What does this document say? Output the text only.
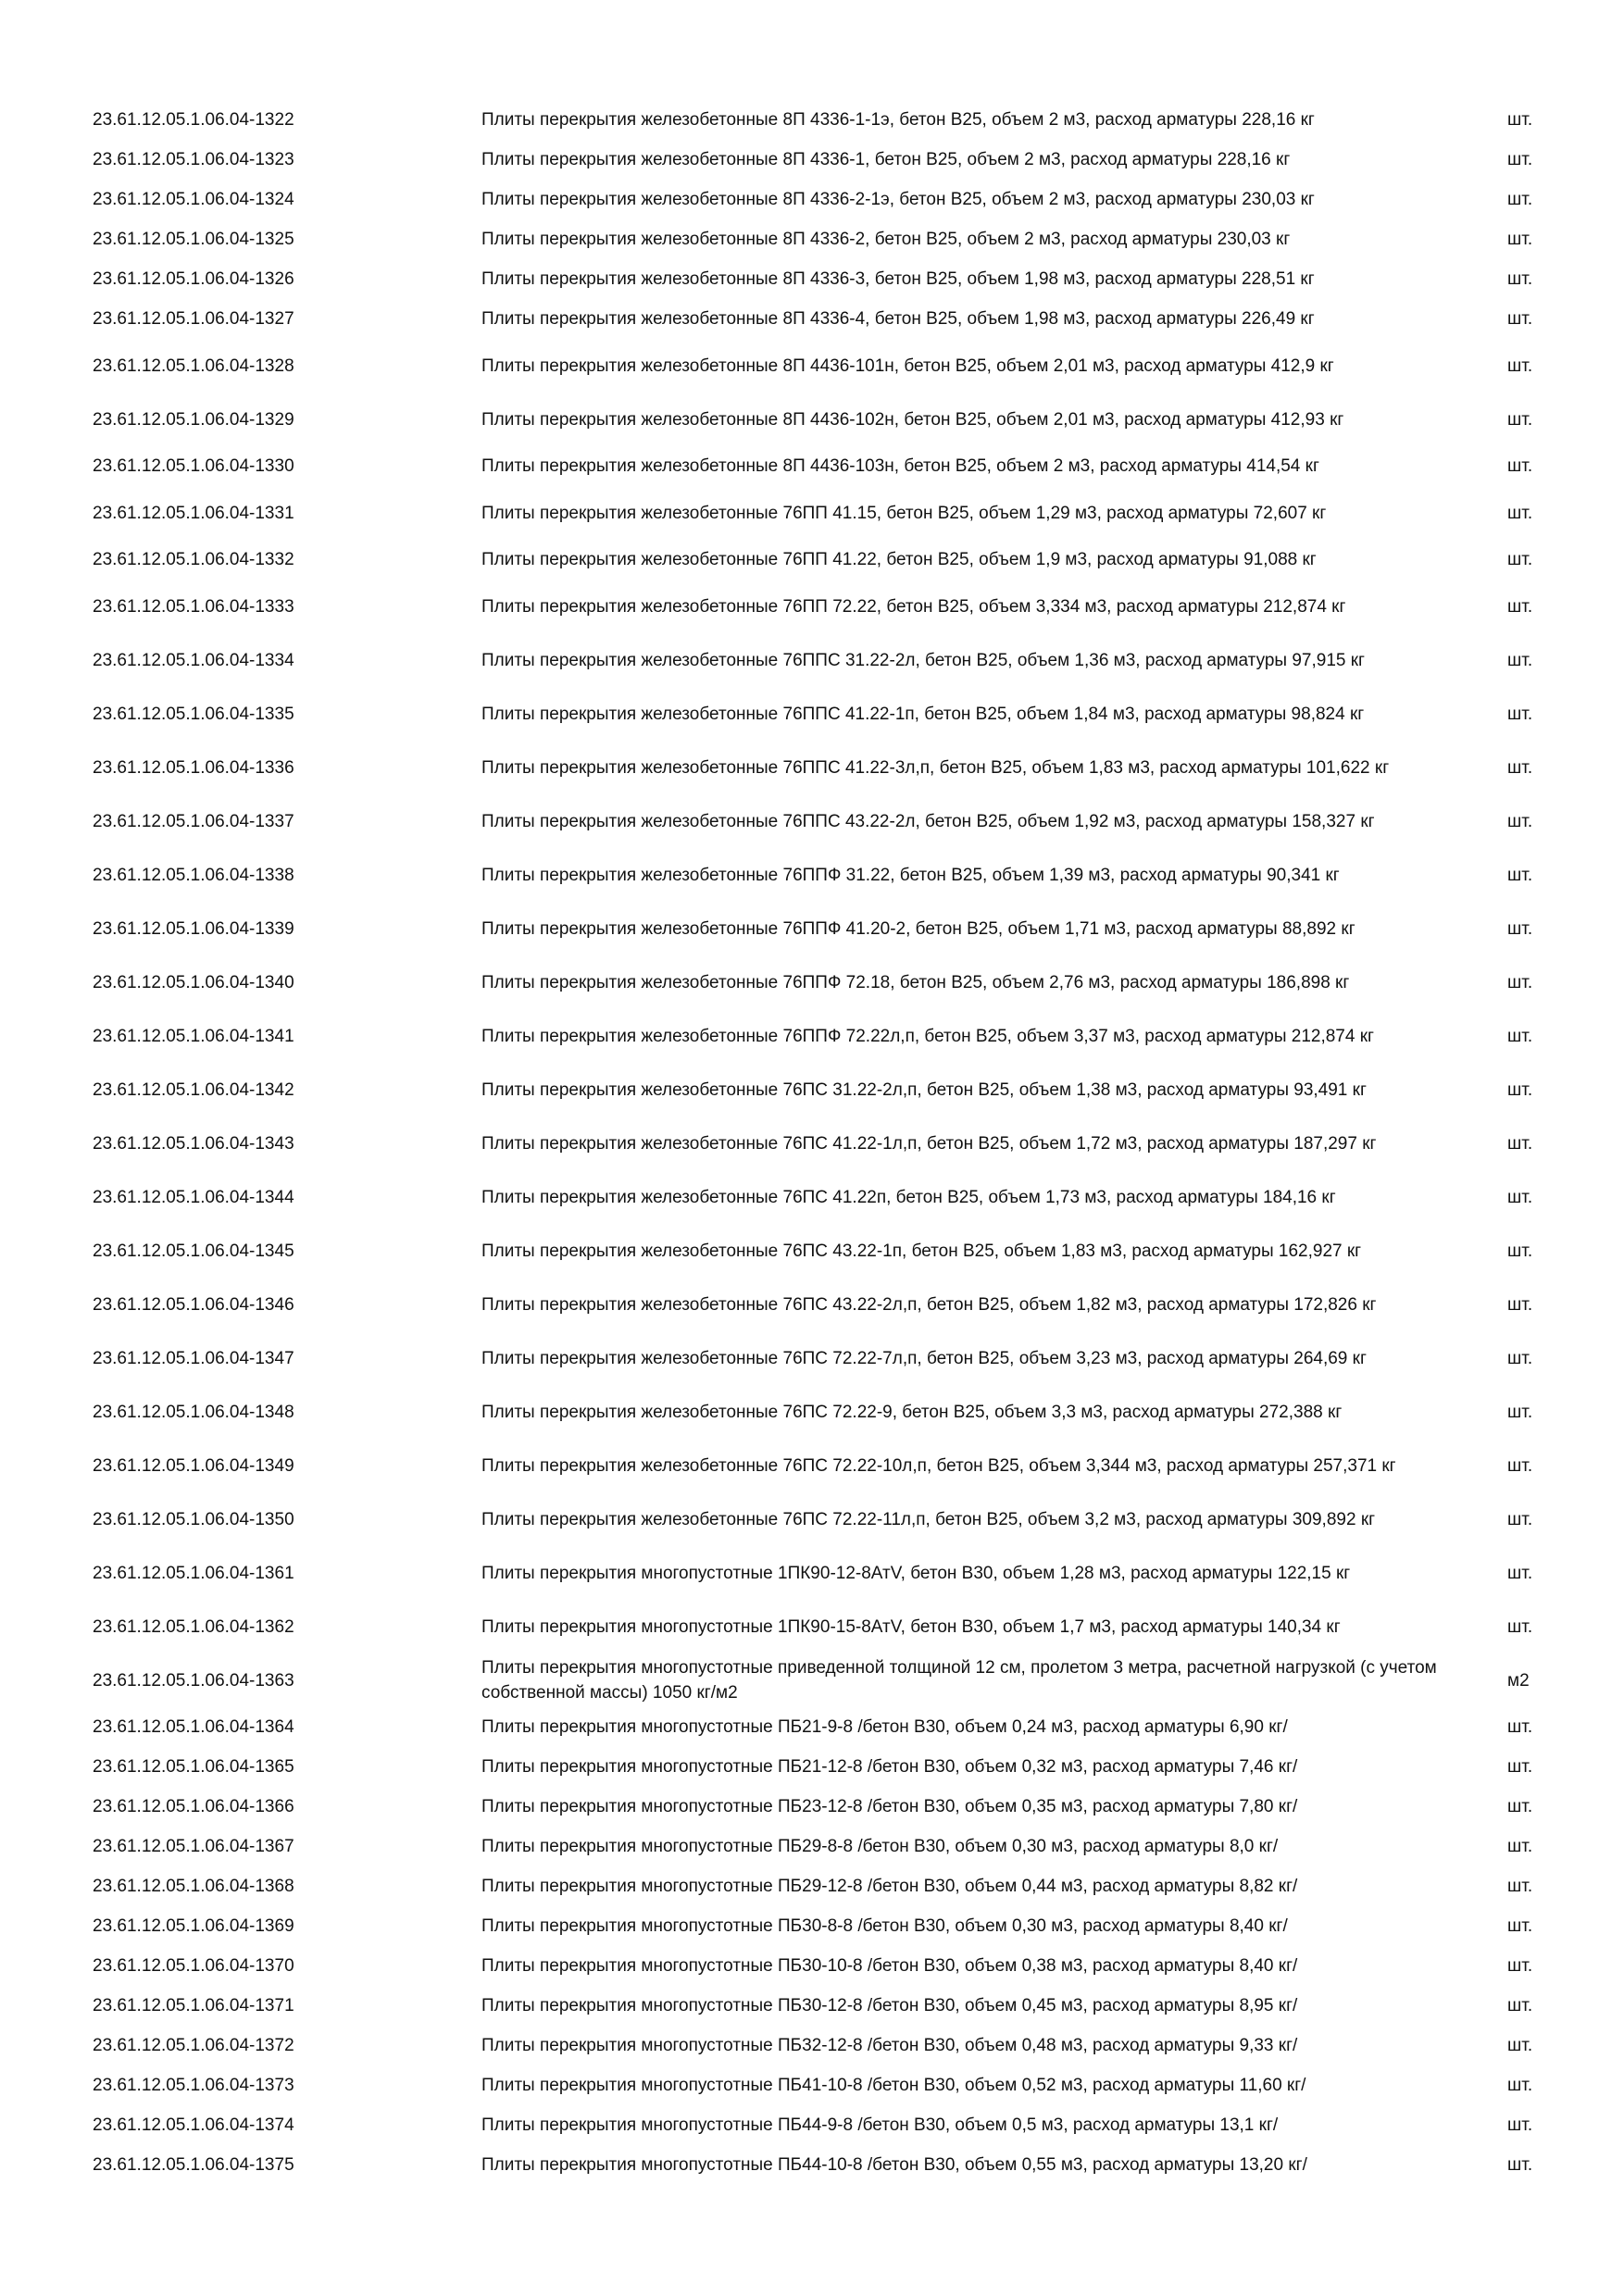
23.61.12.05.1.06.04-1322	Плиты перекрытия железобетонные 8П 4336-1-1э, бетон В25, объем 2 м3, расход арматуры 228,16 кг	шт.
23.61.12.05.1.06.04-1323	Плиты перекрытия железобетонные 8П 4336-1, бетон В25, объем 2 м3, расход арматуры 228,16 кг	шт.
23.61.12.05.1.06.04-1324	Плиты перекрытия железобетонные 8П 4336-2-1э, бетон В25, объем 2 м3, расход арматуры 230,03 кг	шт.
23.61.12.05.1.06.04-1325	Плиты перекрытия железобетонные 8П 4336-2, бетон В25, объем 2 м3, расход арматуры 230,03 кг	шт.
23.61.12.05.1.06.04-1326	Плиты перекрытия железобетонные 8П 4336-3, бетон В25, объем 1,98 м3, расход арматуры 228,51 кг	шт.
23.61.12.05.1.06.04-1327	Плиты перекрытия железобетонные 8П 4336-4, бетон В25, объем 1,98 м3, расход арматуры 226,49 кг	шт.
23.61.12.05.1.06.04-1328	Плиты перекрытия железобетонные 8П 4436-101н, бетон В25, объем 2,01 м3, расход арматуры 412,9 кг	шт.
23.61.12.05.1.06.04-1329	Плиты перекрытия железобетонные 8П 4436-102н, бетон В25, объем 2,01 м3, расход арматуры 412,93 кг	шт.
23.61.12.05.1.06.04-1330	Плиты перекрытия железобетонные 8П 4436-103н, бетон В25, объем 2 м3, расход арматуры 414,54 кг	шт.
23.61.12.05.1.06.04-1331	Плиты перекрытия железобетонные 76ПП 41.15, бетон В25, объем 1,29 м3, расход арматуры 72,607 кг	шт.
23.61.12.05.1.06.04-1332	Плиты перекрытия железобетонные 76ПП 41.22, бетон В25, объем 1,9 м3, расход арматуры 91,088 кг	шт.
23.61.12.05.1.06.04-1333	Плиты перекрытия железобетонные 76ПП 72.22, бетон В25, объем 3,334 м3, расход арматуры 212,874 кг	шт.
23.61.12.05.1.06.04-1334	Плиты перекрытия железобетонные 76ППС 31.22-2л, бетон В25, объем 1,36 м3, расход арматуры 97,915 кг	шт.
23.61.12.05.1.06.04-1335	Плиты перекрытия железобетонные 76ППС 41.22-1п, бетон В25, объем 1,84 м3, расход арматуры 98,824 кг	шт.
23.61.12.05.1.06.04-1336	Плиты перекрытия железобетонные 76ППС 41.22-3л,п, бетон В25, объем 1,83 м3, расход арматуры 101,622 кг	шт.
23.61.12.05.1.06.04-1337	Плиты перекрытия железобетонные 76ППС 43.22-2л, бетон В25, объем 1,92 м3, расход арматуры 158,327 кг	шт.
23.61.12.05.1.06.04-1338	Плиты перекрытия железобетонные 76ППФ 31.22, бетон В25, объем 1,39 м3, расход арматуры 90,341 кг	шт.
23.61.12.05.1.06.04-1339	Плиты перекрытия железобетонные 76ППФ 41.20-2, бетон В25, объем 1,71 м3, расход арматуры 88,892 кг	шт.
23.61.12.05.1.06.04-1340	Плиты перекрытия железобетонные 76ППФ 72.18, бетон В25, объем 2,76 м3, расход арматуры 186,898 кг	шт.
23.61.12.05.1.06.04-1341	Плиты перекрытия железобетонные 76ППФ 72.22л,п, бетон В25, объем 3,37 м3, расход арматуры 212,874 кг	шт.
23.61.12.05.1.06.04-1342	Плиты перекрытия железобетонные 76ПС 31.22-2л,п, бетон В25, объем 1,38 м3, расход арматуры 93,491 кг	шт.
23.61.12.05.1.06.04-1343	Плиты перекрытия железобетонные 76ПС 41.22-1л,п, бетон В25, объем 1,72 м3, расход арматуры 187,297 кг	шт.
23.61.12.05.1.06.04-1344	Плиты перекрытия железобетонные 76ПС 41.22п, бетон В25, объем 1,73 м3, расход арматуры 184,16 кг	шт.
23.61.12.05.1.06.04-1345	Плиты перекрытия железобетонные 76ПС 43.22-1п, бетон В25, объем 1,83 м3, расход арматуры 162,927 кг	шт.
23.61.12.05.1.06.04-1346	Плиты перекрытия железобетонные 76ПС 43.22-2л,п, бетон В25, объем 1,82 м3, расход арматуры 172,826 кг	шт.
23.61.12.05.1.06.04-1347	Плиты перекрытия железобетонные 76ПС 72.22-7л,п, бетон В25, объем 3,23 м3, расход арматуры 264,69 кг	шт.
23.61.12.05.1.06.04-1348	Плиты перекрытия железобетонные 76ПС 72.22-9, бетон В25, объем 3,3 м3, расход арматуры 272,388 кг	шт.
23.61.12.05.1.06.04-1349	Плиты перекрытия железобетонные 76ПС 72.22-10л,п, бетон В25, объем 3,344 м3, расход арматуры 257,371 кг	шт.
23.61.12.05.1.06.04-1350	Плиты перекрытия железобетонные 76ПС 72.22-11л,п, бетон В25, объем 3,2 м3, расход арматуры 309,892 кг	шт.
23.61.12.05.1.06.04-1361	Плиты перекрытия многопустотные 1ПК90-12-8АтV, бетон В30, объем 1,28 м3, расход арматуры 122,15 кг	шт.
23.61.12.05.1.06.04-1362	Плиты перекрытия многопустотные 1ПК90-15-8АтV, бетон В30, объем 1,7 м3, расход арматуры 140,34 кг	шт.
23.61.12.05.1.06.04-1363	Плиты перекрытия многопустотные приведенной толщиной 12 см, пролетом 3 метра, расчетной нагрузкой (с учетом собственной массы) 1050 кг/м2	м2
23.61.12.05.1.06.04-1364	Плиты перекрытия многопустотные ПБ21-9-8 /бетон В30, объем 0,24 м3, расход арматуры 6,90 кг/	шт.
23.61.12.05.1.06.04-1365	Плиты перекрытия многопустотные ПБ21-12-8 /бетон В30, объем 0,32 м3, расход арматуры 7,46 кг/	шт.
23.61.12.05.1.06.04-1366	Плиты перекрытия многопустотные ПБ23-12-8 /бетон В30, объем 0,35 м3, расход арматуры 7,80 кг/	шт.
23.61.12.05.1.06.04-1367	Плиты перекрытия многопустотные ПБ29-8-8 /бетон В30, объем 0,30 м3, расход арматуры 8,0 кг/	шт.
23.61.12.05.1.06.04-1368	Плиты перекрытия многопустотные ПБ29-12-8 /бетон В30, объем 0,44 м3, расход арматуры 8,82 кг/	шт.
23.61.12.05.1.06.04-1369	Плиты перекрытия многопустотные ПБ30-8-8 /бетон В30, объем 0,30 м3, расход арматуры 8,40 кг/	шт.
23.61.12.05.1.06.04-1370	Плиты перекрытия многопустотные ПБ30-10-8 /бетон В30, объем 0,38 м3, расход арматуры 8,40 кг/	шт.
23.61.12.05.1.06.04-1371	Плиты перекрытия многопустотные ПБ30-12-8 /бетон В30, объем 0,45 м3, расход арматуры 8,95 кг/	шт.
23.61.12.05.1.06.04-1372	Плиты перекрытия многопустотные ПБ32-12-8 /бетон В30, объем 0,48 м3, расход арматуры 9,33 кг/	шт.
23.61.12.05.1.06.04-1373	Плиты перекрытия многопустотные ПБ41-10-8 /бетон В30, объем 0,52 м3, расход арматуры 11,60 кг/	шт.
23.61.12.05.1.06.04-1374	Плиты перекрытия многопустотные ПБ44-9-8 /бетон В30, объем 0,5 м3, расход арматуры 13,1 кг/	шт.
23.61.12.05.1.06.04-1375	Плиты перекрытия многопустотные ПБ44-10-8 /бетон В30, объем 0,55 м3, расход арматуры 13,20 кг/	шт.
